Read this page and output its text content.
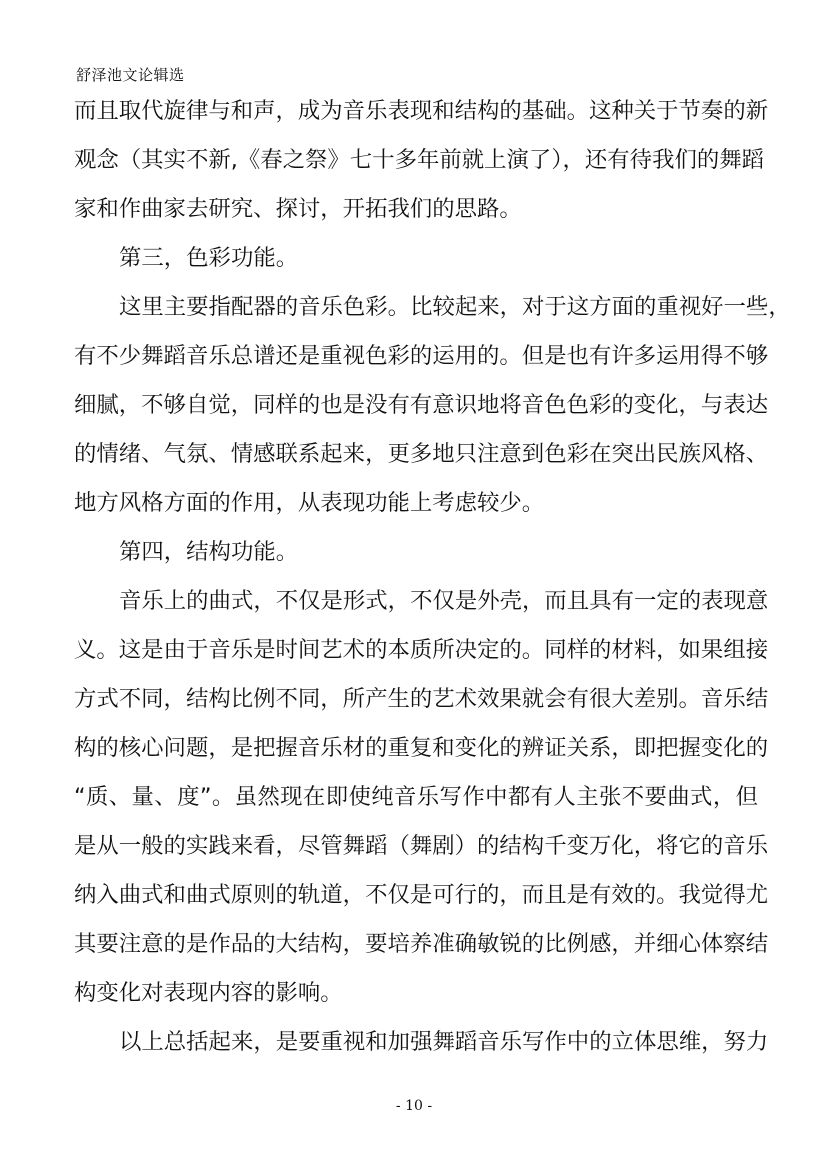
舒泽池文论辑选
而且取代旋律与和声，成为音乐表现和结构的基础。这种关于节奏的新
观念（其实不新,《春之祭》七十多年前就上演了），还有待我们的舞蹈
家和作曲家去研究、探讨，开拓我们的思路。
第三，色彩功能。
这里主要指配器的音乐色彩。比较起来，对于这方面的重视好一些，
有不少舞蹈音乐总谱还是重视色彩的运用的。但是也有许多运用得不够
细腻，不够自觉，同样的也是没有有意识地将音色色彩的变化，与表达
的情绪、气氛、情感联系起来，更多地只注意到色彩在突出民族风格、
地方风格方面的作用，从表现功能上考虑较少。
第四，结构功能。
音乐上的曲式，不仅是形式，不仅是外壳，而且具有一定的表现意
义。这是由于音乐是时间艺术的本质所决定的。同样的材料，如果组接
方式不同，结构比例不同，所产生的艺术效果就会有很大差别。音乐结
构的核心问题，是把握音乐材的重复和变化的辨证关系，即把握变化的
“质、量、度”。虽然现在即使纯音乐写作中都有人主张不要曲式，但
是从一般的实践来看，尽管舞蹈（舞剧）的结构千变万化，将它的音乐
纳入曲式和曲式原则的轨道，不仅是可行的，而且是有效的。我觉得尤
其要注意的是作品的大结构，要培养准确敏锐的比例感，并细心体察结
构变化对表现内容的影响。
以上总括起来，是要重视和加强舞蹈音乐写作中的立体思维，努力
- 10 -
